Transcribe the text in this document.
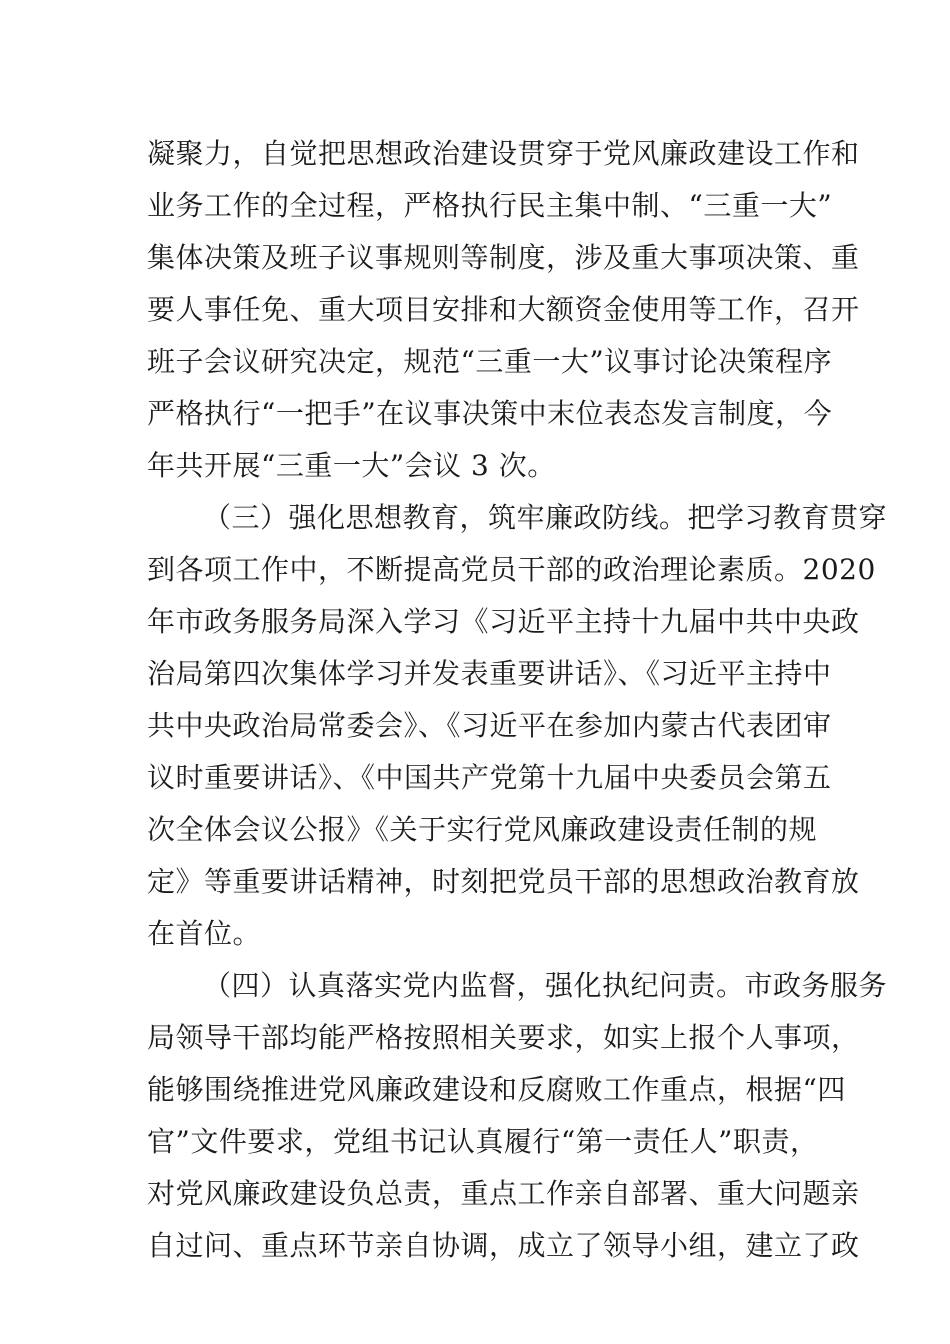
凝聚力，自觉把思想政治建设贯穿于党风廉政建设工作和
业务工作的全过程，严格执行民主集中制、“三重一大”
集体决策及班子议事规则等制度，涉及重大事项决策、重
要人事任免、重大项目安排和大额资金使用等工作，召开
班子会议研究决定，规范“三重一大”议事讨论决策程序
严格执行“一把手”在议事决策中末位表态发言制度，今
年共开展“三重一大”会议 3 次。
（三）强化思想教育，筑牢廉政防线。把学习教育贯穿
到各项工作中，不断提高党员干部的政治理论素质。2020
年市政务服务局深入学习《习近平主持十九届中共中央政
治局第四次集体学习并发表重要讲话》、《习近平主持中
共中央政治局常委会》、《习近平在参加内蒙古代表团审
议时重要讲话》、《中国共产党第十九届中央委员会第五
次全体会议公报》《关于实行党风廉政建设责任制的规
定》等重要讲话精神，时刻把党员干部的思想政治教育放
在首位。
（四）认真落实党内监督，强化执纪问责。市政务服务
局领导干部均能严格按照相关要求，如实上报个人事项，
能够围绕推进党风廉政建设和反腐败工作重点，根据“四
官”文件要求，党组书记认真履行“第一责任人”职责，
对党风廉政建设负总责，重点工作亲自部署、重大问题亲
自过问、重点环节亲自协调，成立了领导小组，建立了政
